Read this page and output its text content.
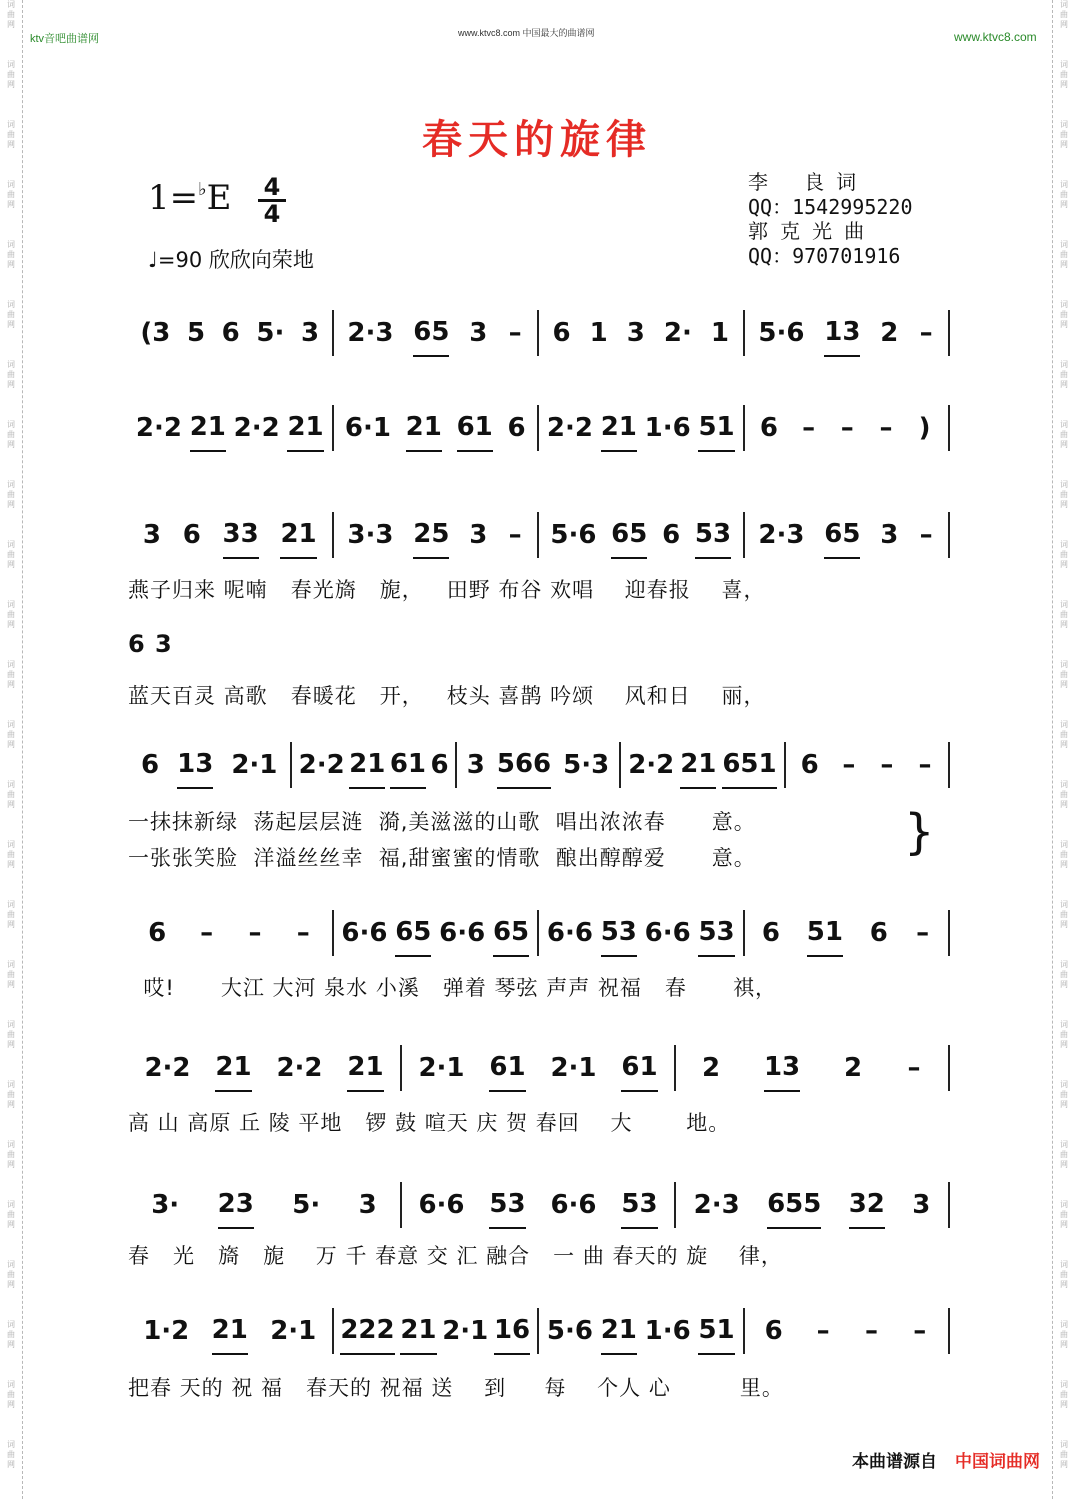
词
曲
网
词
曲
网
词
曲
网
词
曲
网
词
曲
网
词
曲
网
词
曲
网
词
曲
网
词
曲
网
词
曲
网
词
曲
网
词
曲
网
词
曲
网
词
曲
网
词
曲
网
词
曲
网
词
曲
网
词
曲
网
词
曲
网
词
曲
网
词
曲
网
词
曲
网
词
曲
网
词
曲
网
词
曲
网
词
曲
网
词
曲
网
词
曲
网
词
曲
网
词
曲
网
词
曲
网
词
曲
网
词
曲
网
词
曲
网
词
曲
网
词
曲
网
词
曲
网
词
曲
网
词
曲
网
词
曲
网
词
曲
网
词
曲
网
词
曲
网
词
曲
网
词
曲
网
词
曲
网
词
曲
网
词
曲
网
词
曲
网
词
曲
网
ktv音吧曲谱网	www.ktvc8.com 中国最大的曲谱网	www.ktvc8.com
春天的旋律
1=♭E 4
4
♩=90 欣欣向荣地
李   良 词
QQ：1542995220
郭 克 光 曲
QQ：970701916
(3 5 6 5· 3 2·3 65 3 – 6 1 3 2· 1 5·6 13 2 –
2·2 21 2·2 21 6·1 21 61 6 2·2 21 1·6 51 6 – – – )
3 6 33 21 3·3 25 3 – 5·6 65 6 53 2·3 65 3 –
燕子归来 呢喃   春光旖   旎，   田野 布谷 欢唱    迎春报    喜，
6 3
蓝天百灵 高歌   春暖花   开，   枝头 喜鹊 吟颂    风和日    丽，
6 13 2·1 2·2 21 61 6 3 566 5·3 2·2 21 651 6 – – –
一抹抹新绿  荡起层层涟  漪,美滋滋的山歌  唱出浓浓春      意。
一张张笑脸  洋溢丝丝幸  福,甜蜜蜜的情歌  酿出醇醇爱      意。	}
6 – – – 6·6 65 6·6 65 6·6 53 6·6 53 6 51 6 –
哎!      大江 大河 泉水 小溪   弹着 琴弦 声声 祝福   春      祺，
2·2 21 2·2 21 2·1 61 2·1 61 2 13 2 –
高 山 高原 丘 陵 平地   锣 鼓 喧天 庆 贺 春回    大       地。
3· 23 5· 3 6·6 53 6·6 53 2·3 655 32 3
春   光   旖   旎    万 千 春意 交 汇 融合   一 曲 春天的 旋    律，
1·2 21 2·1 222 21 2·1 16 5·6 21 1·6 51 6 – – –
把春 天的 祝 福   春天的 祝福 送    到     每    个人 心         里。
本曲谱源自 中国词曲网
